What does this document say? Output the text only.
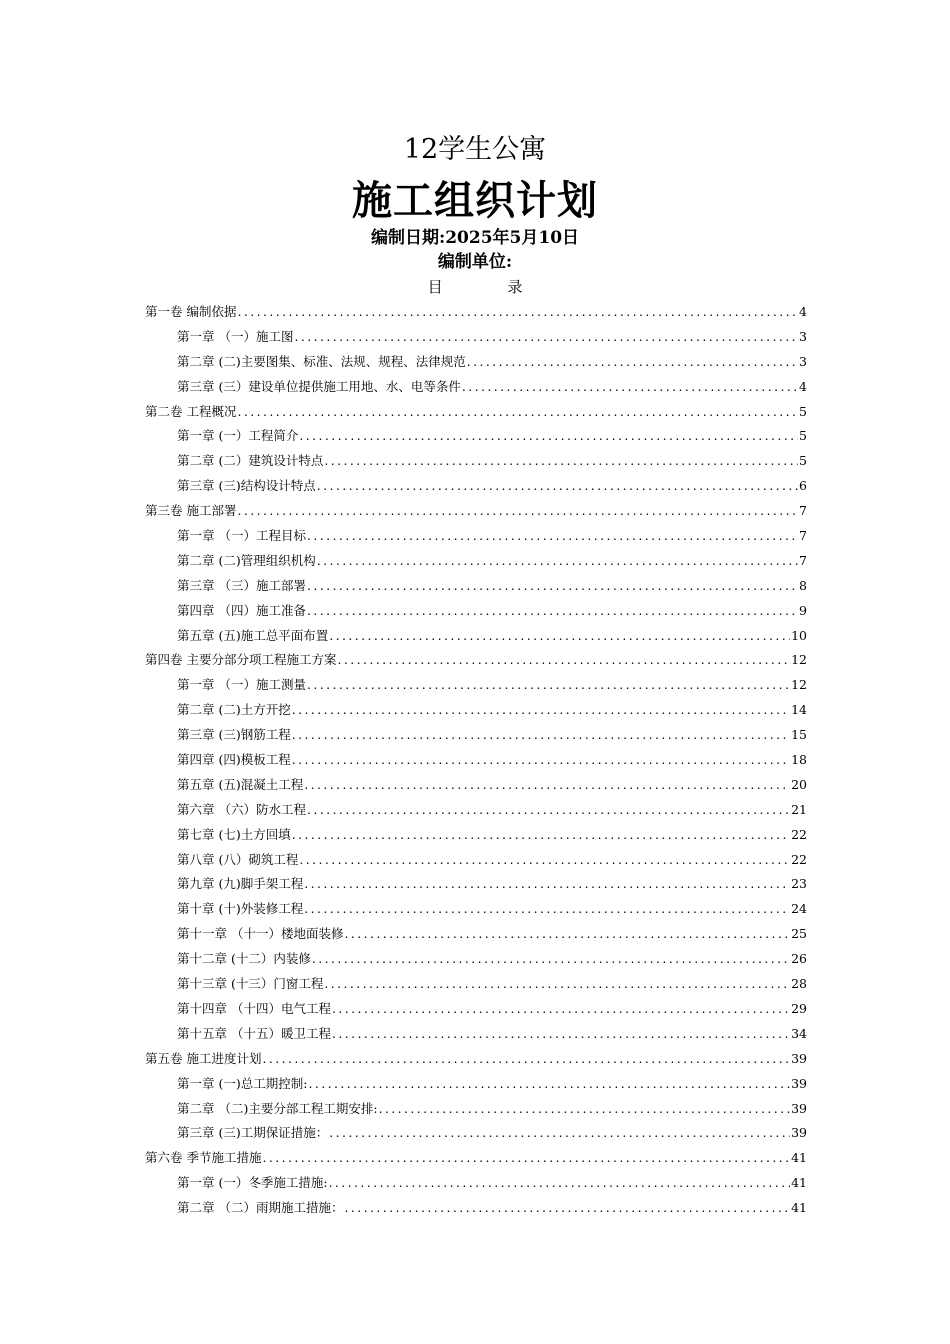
12学生公寓
施工组织计划
编制日期:2025年5月10日
编制单位:
目 录
第一卷 编制依据 .....	4
第一章 （一）施工图 .....	3
第二章 (二)主要图集、标准、法规、规程、法律规范 .....	3
第三章 (三）建设单位提供施工用地、水、电等条件 .....	4
第二卷 工程概况 .....	5
第一章 (一）工程简介 .....	5
第二章 (二）建筑设计特点 .....	5
第三章 (三)结构设计特点 .....	6
第三卷 施工部署 .....	7
第一章 （一）工程目标 .....	7
第二章 (二)管理组织机构 .....	7
第三章 （三）施工部署 .....	8
第四章 （四）施工准备 .....	9
第五章 (五)施工总平面布置 .....	10
第四卷 主要分部分项工程施工方案 .....	12
第一章 （一）施工测量 .....	12
第二章 (二)土方开挖 .....	14
第三章 (三)钢筋工程 .....	15
第四章 (四)模板工程 .....	18
第五章 (五)混凝土工程 .....	20
第六章 （六）防水工程 .....	21
第七章 (七)土方回填 .....	22
第八章 (八）砌筑工程 .....	22
第九章 (九)脚手架工程 .....	23
第十章 (十)外装修工程 .....	24
第十一章 （十一）楼地面装修 .....	25
第十二章 (十二）内装修 .....	26
第十三章 (十三）门窗工程 .....	28
第十四章 （十四）电气工程 .....	29
第十五章 （十五）暖卫工程 .....	34
第五卷 施工进度计划 .....	39
第一章 (一)总工期控制: .....	39
第二章 （二)主要分部工程工期安排: .....	39
第三章 (三)工期保证措施： .....	39
第六卷 季节施工措施 .....	41
第一章 (一）冬季施工措施: .....	41
第二章 （二）雨期施工措施： .....	41
